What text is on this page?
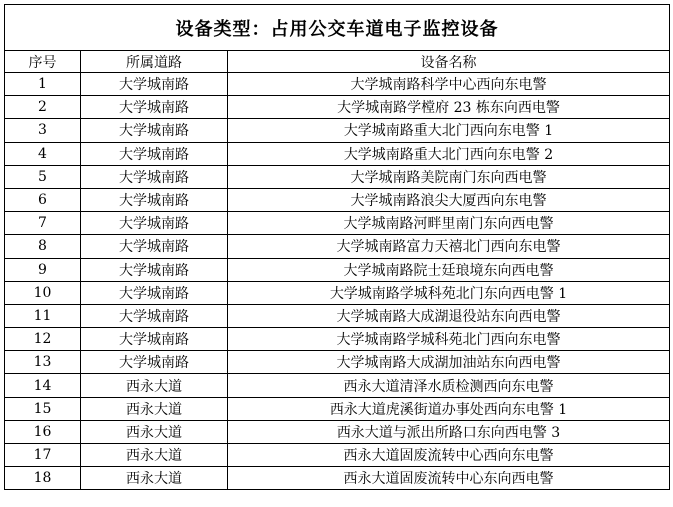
设备类型：占用公交车道电子监控设备		
序号	所属道路	设备名称
1	大学城南路	大学城南路科学中心西向东电警
2	大学城南路	大学城南路学樘府 23 栋东向西电警
3	大学城南路	大学城南路重大北门西向东电警 1
4	大学城南路	大学城南路重大北门西向东电警 2
5	大学城南路	大学城南路美院南门东向西电警
6	大学城南路	大学城南路浪尖大厦西向东电警
7	大学城南路	大学城南路河畔里南门东向西电警
8	大学城南路	大学城南路富力天禧北门西向东电警
9	大学城南路	大学城南路院士廷琅境东向西电警
10	大学城南路	大学城南路学城科苑北门东向西电警 1
11	大学城南路	大学城南路大成湖退役站东向西电警
12	大学城南路	大学城南路学城科苑北门西向东电警
13	大学城南路	大学城南路大成湖加油站东向西电警
14	西永大道	西永大道清泽水质检测西向东电警
15	西永大道	西永大道虎溪街道办事处西向东电警 1
16	西永大道	西永大道与派出所路口东向西电警 3
17	西永大道	西永大道固废流转中心西向东电警
18	西永大道	西永大道固废流转中心东向西电警
